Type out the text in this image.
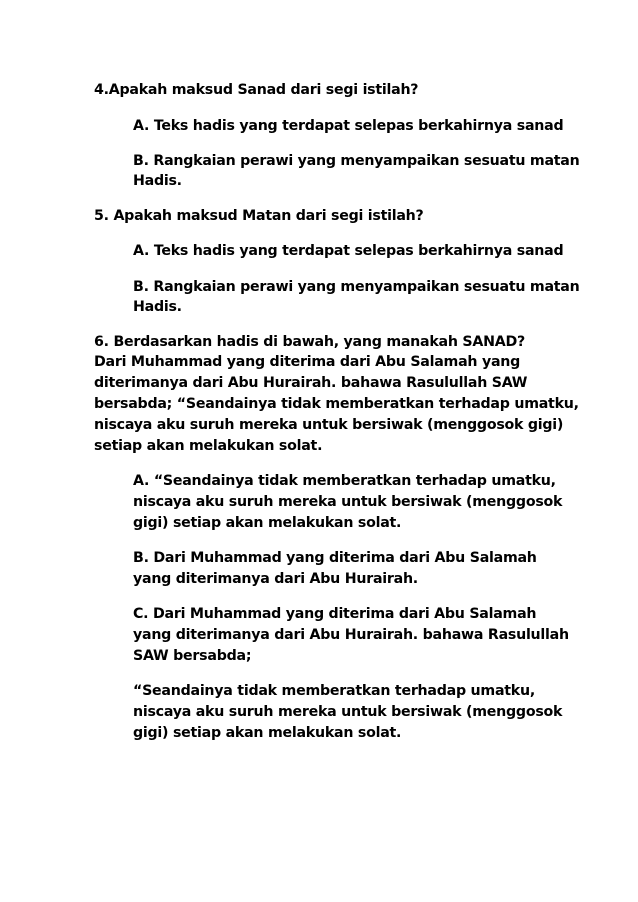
4.Apakah maksud Sanad dari segi istilah?
A. Teks hadis yang terdapat selepas berkahirnya sanad
B. Rangkaian perawi yang menyampaikan sesuatu matan
Hadis.
5. Apakah maksud Matan dari segi istilah?
A. Teks hadis yang terdapat selepas berkahirnya sanad
B. Rangkaian perawi yang menyampaikan sesuatu matan
Hadis.
6. Berdasarkan hadis di bawah, yang manakah SANAD?
Dari Muhammad yang diterima dari Abu Salamah yang
diterimanya dari Abu Hurairah. bahawa Rasulullah SAW
bersabda; “Seandainya tidak memberatkan terhadap umatku,
niscaya aku suruh mereka untuk bersiwak (menggosok gigi)
setiap akan melakukan solat.
A. “Seandainya tidak memberatkan terhadap umatku,
niscaya aku suruh mereka untuk bersiwak (menggosok
gigi) setiap akan melakukan solat.
B. Dari Muhammad yang diterima dari Abu Salamah
yang diterimanya dari Abu Hurairah.
C. Dari Muhammad yang diterima dari Abu Salamah
yang diterimanya dari Abu Hurairah. bahawa Rasulullah
SAW bersabda;
“Seandainya tidak memberatkan terhadap umatku,
niscaya aku suruh mereka untuk bersiwak (menggosok
gigi) setiap akan melakukan solat.
